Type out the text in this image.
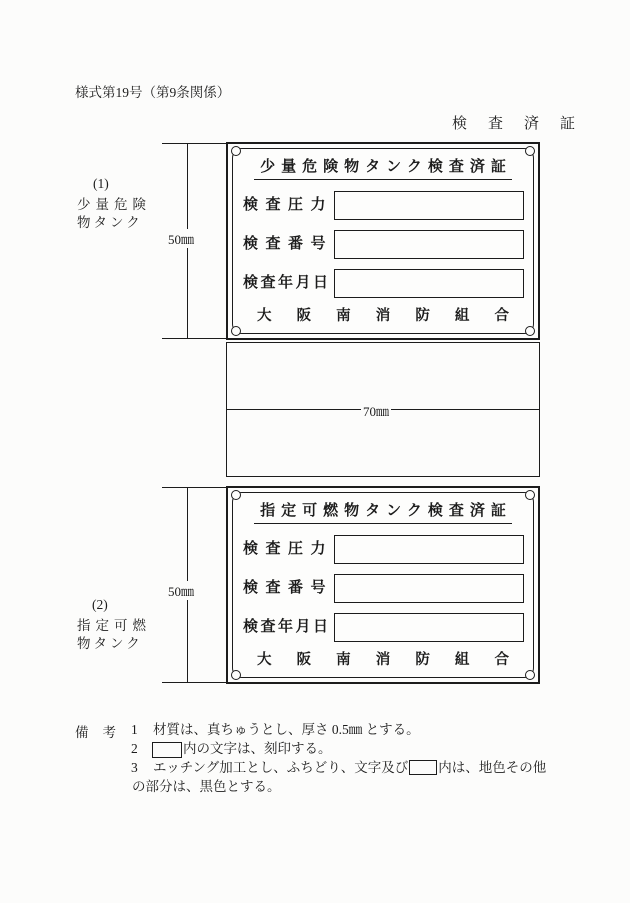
様式第19号（第9条関係）
検査済証
(1)
少量危険
物タンク
50㎜
少量危険物タンク検査済証
検査圧力
検査番号
検査年月日
大 阪 南 消 防 組 合
70㎜
(2)
指定可燃
物タンク
50㎜
指定可燃物タンク検査済証
検査圧力
検査番号
検査年月日
大 阪 南 消 防 組 合
備考 1 材質は、真ちゅうとし、厚さ 0.5㎜ とする。
2	内の文字は、刻印する。
3 エッチング加工とし、ふちどり、文字及び 内は、地色その他
の部分は、黒色とする。
